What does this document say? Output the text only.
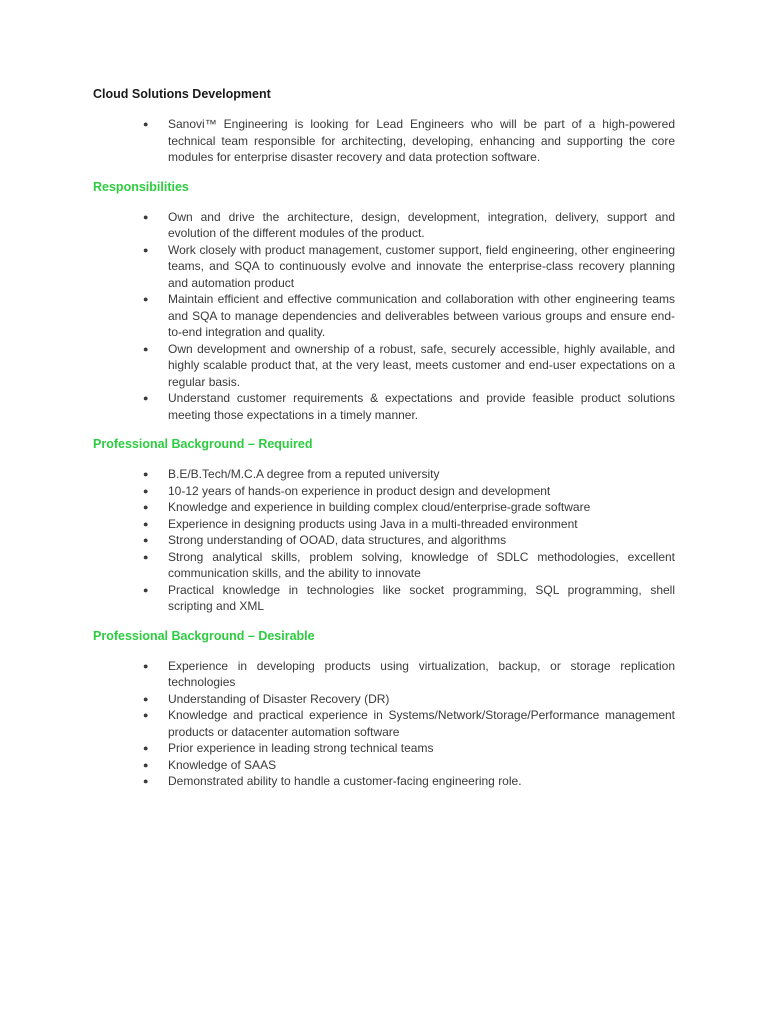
Cloud Solutions Development
● Sanovi™ Engineering is looking for Lead Engineers who will be part of a high-powered technical team responsible for architecting, developing, enhancing and supporting the core modules for enterprise disaster recovery and data protection software.
Responsibilities
● Own and drive the architecture, design, development, integration, delivery, support and evolution of the different modules of the product.
● Work closely with product management, customer support, field engineering, other engineering teams, and SQA to continuously evolve and innovate the enterprise-class recovery planning and automation product
● Maintain efficient and effective communication and collaboration with other engineering teams and SQA to manage dependencies and deliverables between various groups and ensure end-to-end integration and quality.
● Own development and ownership of a robust, safe, securely accessible, highly available, and highly scalable product that, at the very least, meets customer and end-user expectations on a regular basis.
● Understand customer requirements & expectations and provide feasible product solutions meeting those expectations in a timely manner.
Professional Background – Required
● B.E/B.Tech/M.C.A degree from a reputed university
● 10-12 years of hands-on experience in product design and development
● Knowledge and experience in building complex cloud/enterprise-grade software
● Experience in designing products using Java in a multi-threaded environment
● Strong understanding of OOAD, data structures, and algorithms
● Strong analytical skills, problem solving, knowledge of SDLC methodologies, excellent communication skills, and the ability to innovate
● Practical knowledge in technologies like socket programming, SQL programming, shell scripting and XML
Professional Background – Desirable
● Experience in developing products using virtualization, backup, or storage replication technologies
● Understanding of Disaster Recovery (DR)
● Knowledge and practical experience in Systems/Network/Storage/Performance management products or datacenter automation software
● Prior experience in leading strong technical teams
● Knowledge of SAAS
● Demonstrated ability to handle a customer-facing engineering role.
